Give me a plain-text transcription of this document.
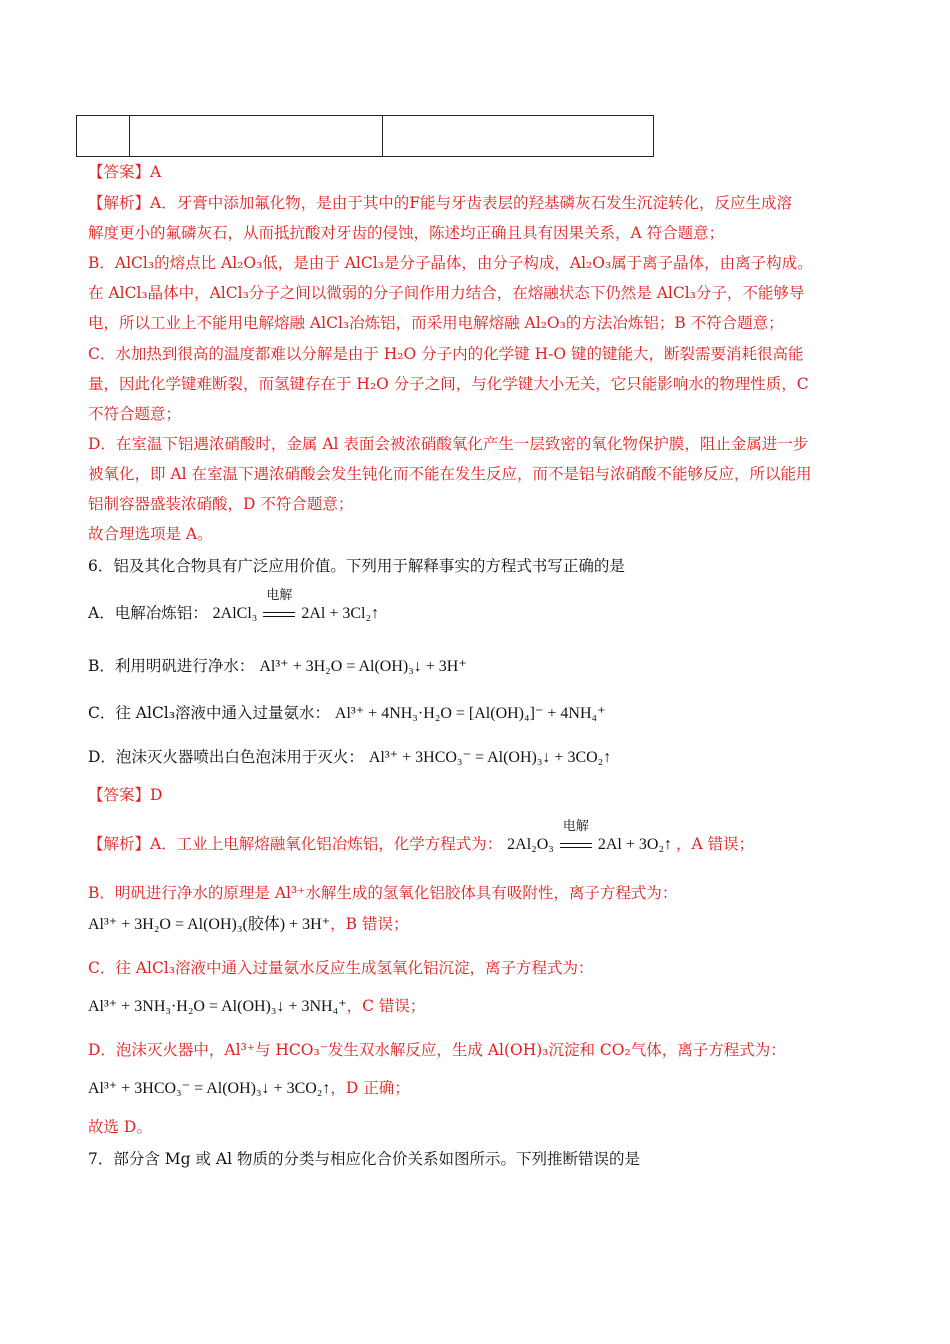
【答案】A
【解析】A．牙膏中添加氟化物，是由于其中的F能与牙齿表层的羟基磷灰石发生沉淀转化，反应生成溶
解度更小的氟磷灰石，从而抵抗酸对牙齿的侵蚀，陈述均正确且具有因果关系，A 符合题意；
B．AlCl₃的熔点比 Al₂O₃低，是由于 AlCl₃是分子晶体，由分子构成，Al₂O₃属于离子晶体，由离子构成。
在 AlCl₃晶体中，AlCl₃分子之间以微弱的分子间作用力结合，在熔融状态下仍然是 AlCl₃分子，不能够导
电，所以工业上不能用电解熔融 AlCl₃冶炼铝，而采用电解熔融 Al₂O₃的方法冶炼铝；B 不符合题意；
C．水加热到很高的温度都难以分解是由于 H₂O 分子内的化学键 H-O 键的键能大，断裂需要消耗很高能
量，因此化学键难断裂，而氢键存在于 H₂O 分子之间，与化学键大小无关，它只能影响水的物理性质，C
不符合题意；
D．在室温下铝遇浓硝酸时，金属 Al 表面会被浓硝酸氧化产生一层致密的氧化物保护膜，阻止金属进一步
被氧化，即 Al 在室温下遇浓硝酸会发生钝化而不能在发生反应，而不是铝与浓硝酸不能够反应，所以能用
铝制容器盛装浓硝酸，D 不符合题意；
故合理选项是 A。
6．铝及其化合物具有广泛应用价值。下列用于解释事实的方程式书写正确的是
A．电解冶炼铝： 2AlCl₃
电解
2Al + 3Cl₂↑
B．利用明矾进行净水： Al³⁺ + 3H₂O = Al(OH)₃↓ + 3H⁺
C．往 AlCl₃溶液中通入过量氨水： Al³⁺ + 4NH₃·H₂O = [Al(OH)₄]⁻ + 4NH₄⁺
D．泡沫灭火器喷出白色泡沫用于灭火： Al³⁺ + 3HCO₃⁻ = Al(OH)₃↓ + 3CO₂↑
【答案】D
【解析】A．工业上电解熔融氧化铝冶炼铝，化学方程式为： 2Al₂O₃
电解
2Al + 3O₂↑ ，A 错误；
B．明矾进行净水的原理是 Al³⁺水解生成的氢氧化铝胶体具有吸附性，离子方程式为：
Al³⁺ + 3H₂O = Al(OH)₃(胶体) + 3H⁺，B 错误；
C．往 AlCl₃溶液中通入过量氨水反应生成氢氧化铝沉淀，离子方程式为：
Al³⁺ + 3NH₃·H₂O = Al(OH)₃↓ + 3NH₄⁺，C 错误；
D．泡沫灭火器中，Al³⁺与 HCO₃⁻发生双水解反应，生成 Al(OH)₃沉淀和 CO₂气体，离子方程式为：
Al³⁺ + 3HCO₃⁻ = Al(OH)₃↓ + 3CO₂↑，D 正确；
故选 D。
7．部分含 Mg 或 Al 物质的分类与相应化合价关系如图所示。下列推断错误的是
